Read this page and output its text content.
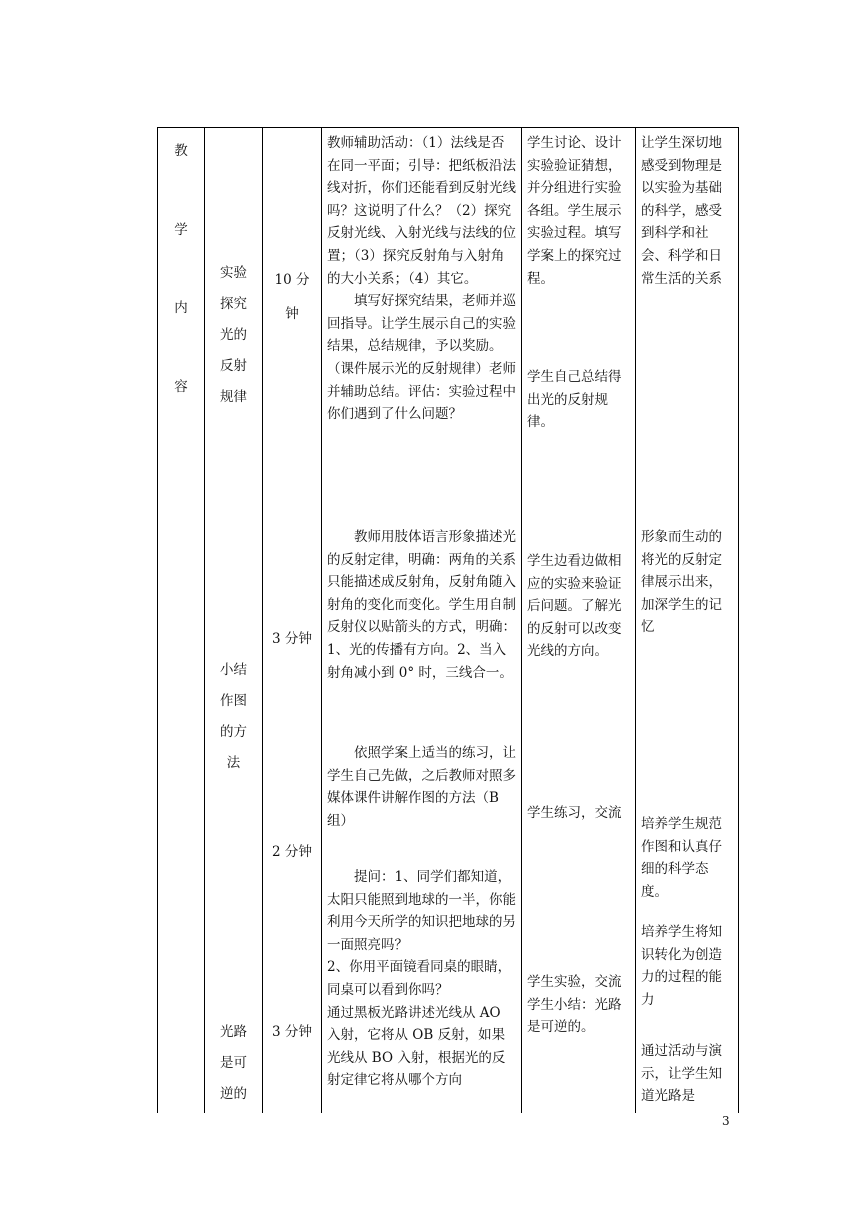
教
学
内
容
实验
探究
光的
反射
规律
小结
作图
的方
法
光路
是可
逆的
10 分
钟
3 分钟
2 分钟
3 分钟

教师辅助活动：（1）法线是否在同一平面；引导：把纸板沿法线对折，你们还能看到反射光线吗？这说明了什么？（2）探究反射光线、入射光线与法线的位置；（3）探究反射角与入射角的大小关系；（4）其它。

填写好探究结果，老师并巡回指导。让学生展示自己的实验结果，总结规律，予以奖励。

（课件展示光的反射规律）老师并辅助总结。评估：实验过程中你们遇到了什么问题？

教师用肢体语言形象描述光的反射定律，明确：两角的关系只能描述成反射角，反射角随入射角的变化而变化。学生用自制反射仪以贴箭头的方式，明确：1、光的传播有方向。2、当入射角减小到 0° 时，三线合一。

依照学案上适当的练习，让学生自己先做，之后教师对照多媒体课件讲解作图的方法（B 组）

提问：1、同学们都知道，太阳只能照到地球的一半，你能利用今天所学的知识把地球的另一面照亮吗？

2、你用平面镜看同桌的眼睛，同桌可以看到你吗？

通过黑板光路讲述光线从 AO 入射，它将从 OB 反射，如果光线从 BO 入射，根据光的反射定律它将从哪个方向

学生讨论、设计实验验证猜想，并分组进行实验各组。学生展示实验过程。填写学案上的探究过程。

学生自己总结得出光的反射规律。

学生边看边做相应的实验来验证后问题。了解光的反射可以改变光线的方向。

学生练习，交流

学生实验，交流

学生小结：光路是可逆的。

让学生深切地感受到物理是以实验为基础的科学，感受到科学和社会、科学和日常生活的关系

形象而生动的将光的反射定律展示出来，加深学生的记忆

培养学生规范作图和认真仔细的科学态度。

培养学生将知识转化为创造力的过程的能力

通过活动与演示，让学生知道光路是

3
